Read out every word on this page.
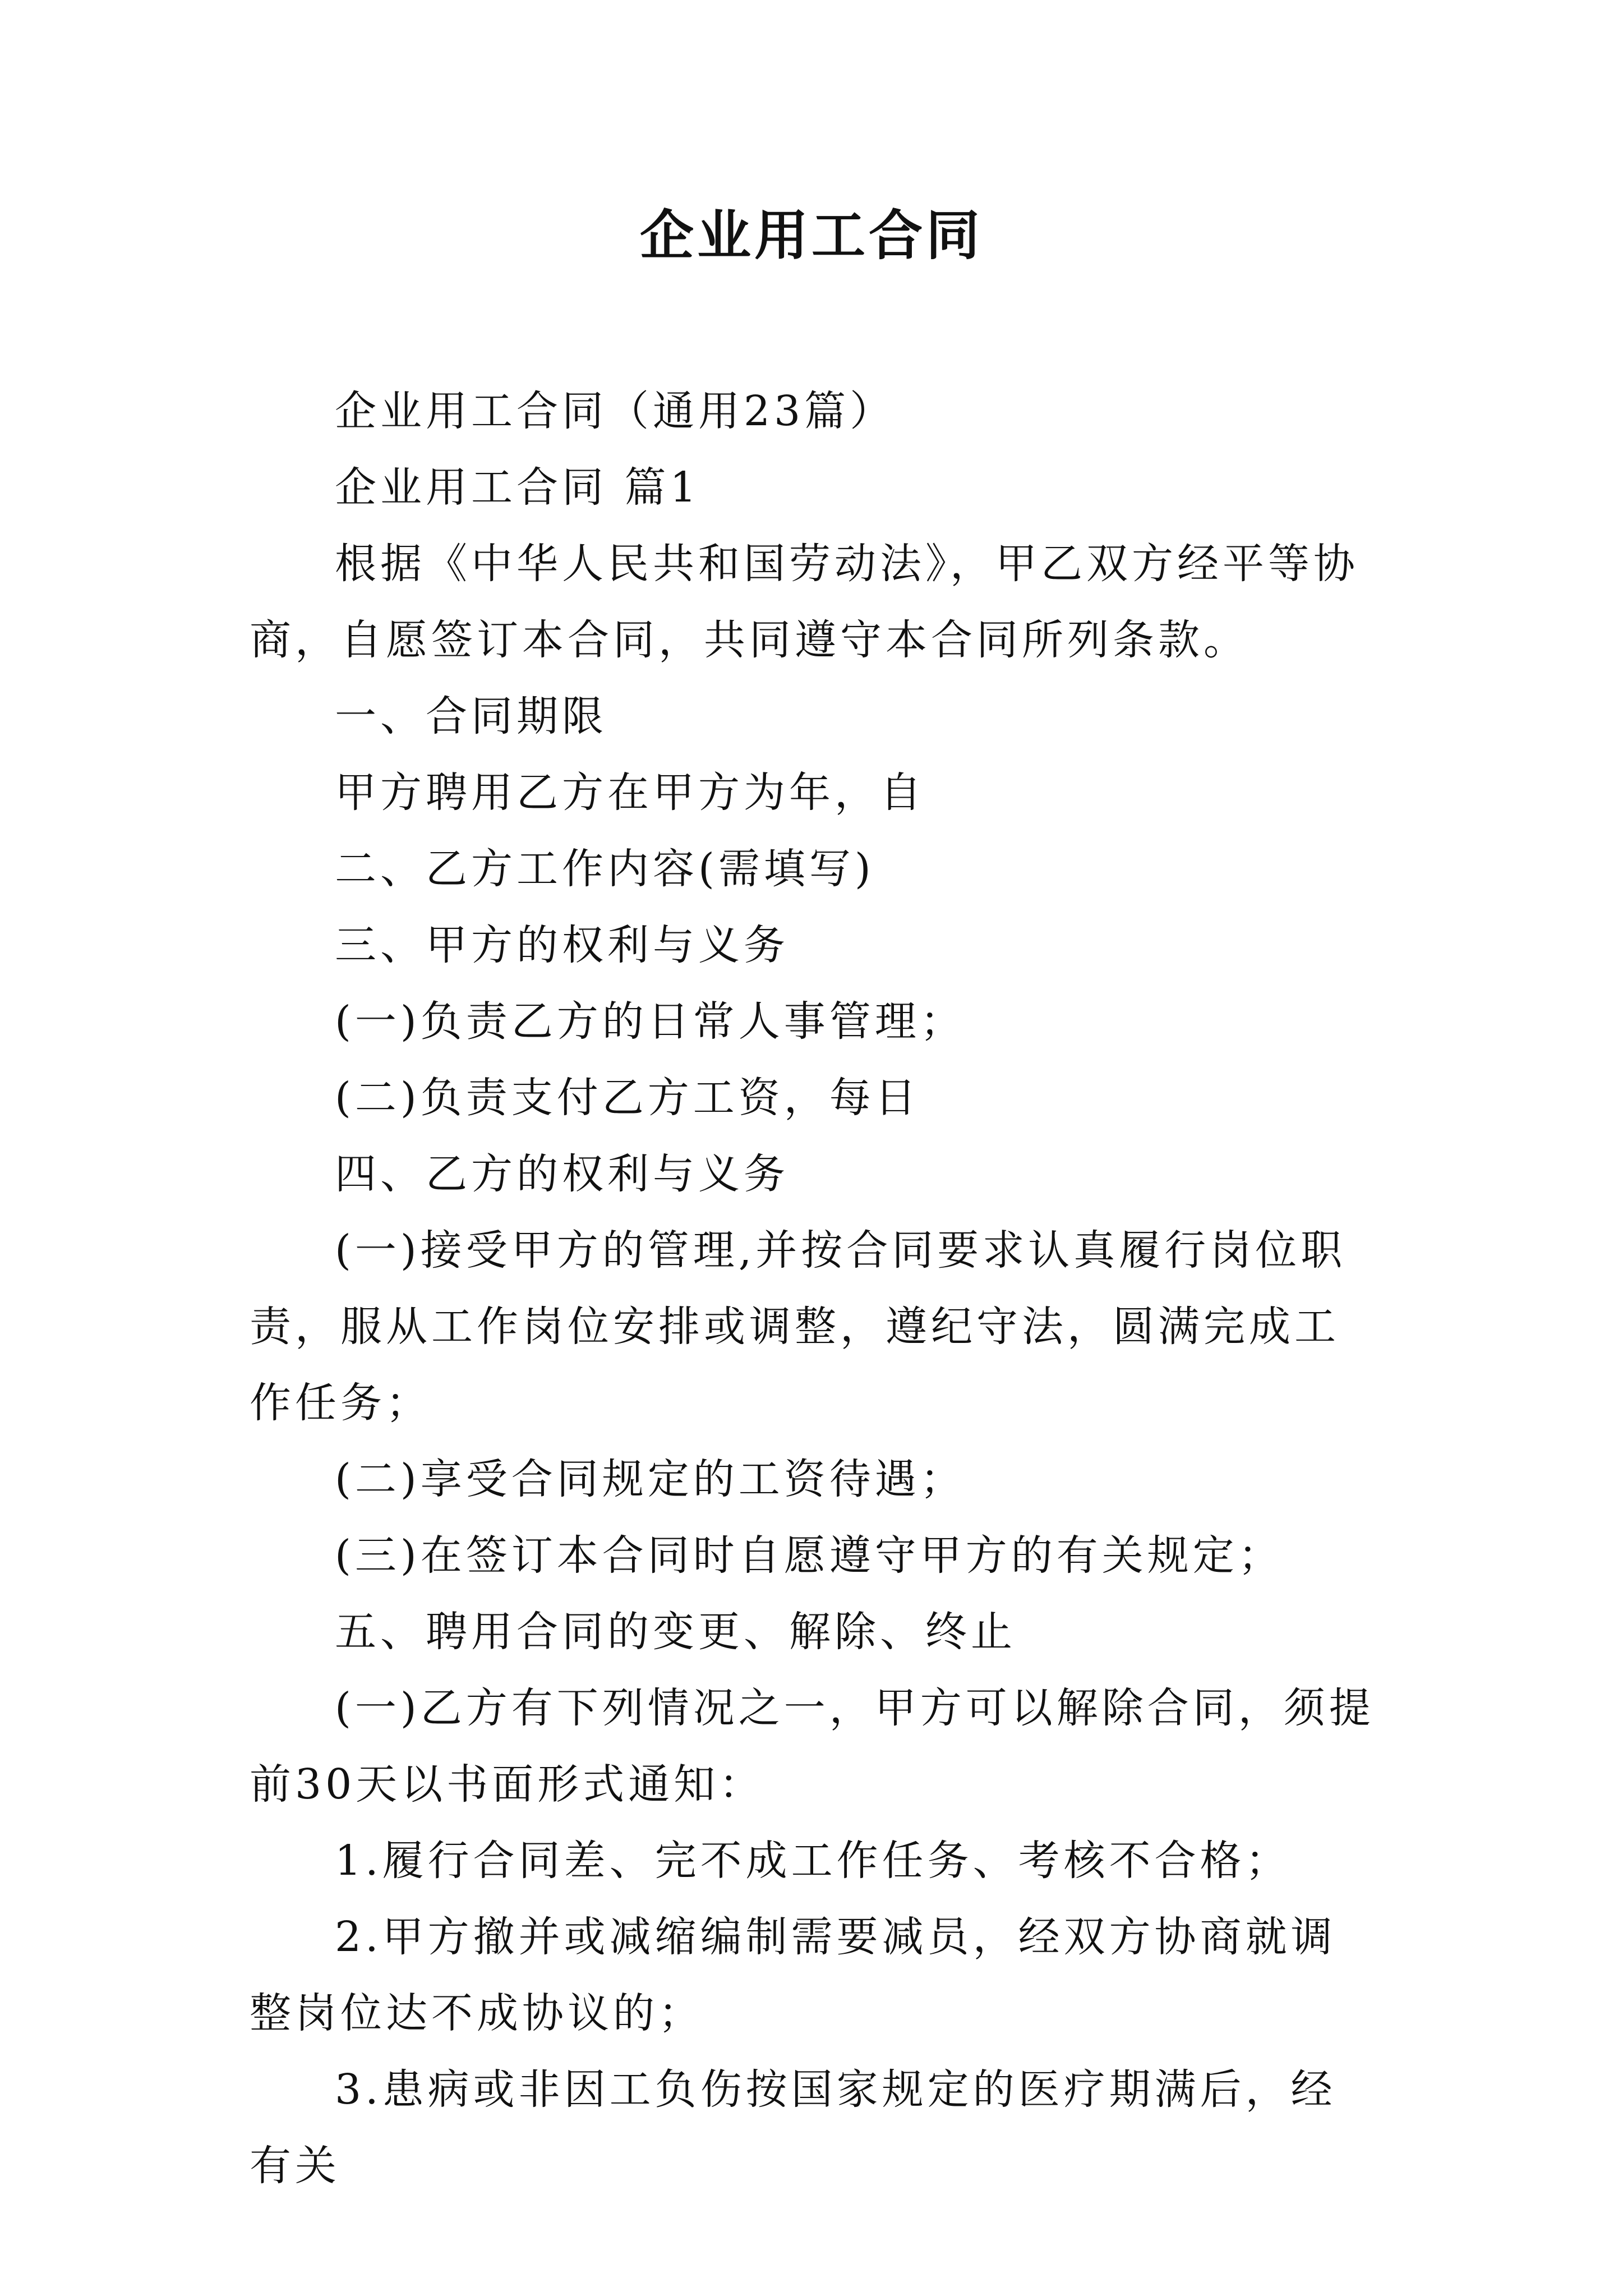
企业用工合同

企业用工合同（通用23篇）

企业用工合同 篇1

根据《中华人民共和国劳动法》，甲乙双方经平等协商，自愿签订本合同，共同遵守本合同所列条款。

一、合同期限

甲方聘用乙方在甲方为年，自

二、乙方工作内容(需填写)

三、甲方的权利与义务

(一)负责乙方的日常人事管理；

(二)负责支付乙方工资，每日

四、乙方的权利与义务

(一)接受甲方的管理,并按合同要求认真履行岗位职责，服从工作岗位安排或调整，遵纪守法，圆满完成工作任务；

(二)享受合同规定的工资待遇；

(三)在签订本合同时自愿遵守甲方的有关规定；

五、聘用合同的变更、解除、终止

(一)乙方有下列情况之一，甲方可以解除合同，须提前30天以书面形式通知：

1.履行合同差、完不成工作任务、考核不合格；

2.甲方撤并或减缩编制需要减员，经双方协商就调整岗位达不成协议的；

3.患病或非因工负伤按国家规定的医疗期满后，经有关
